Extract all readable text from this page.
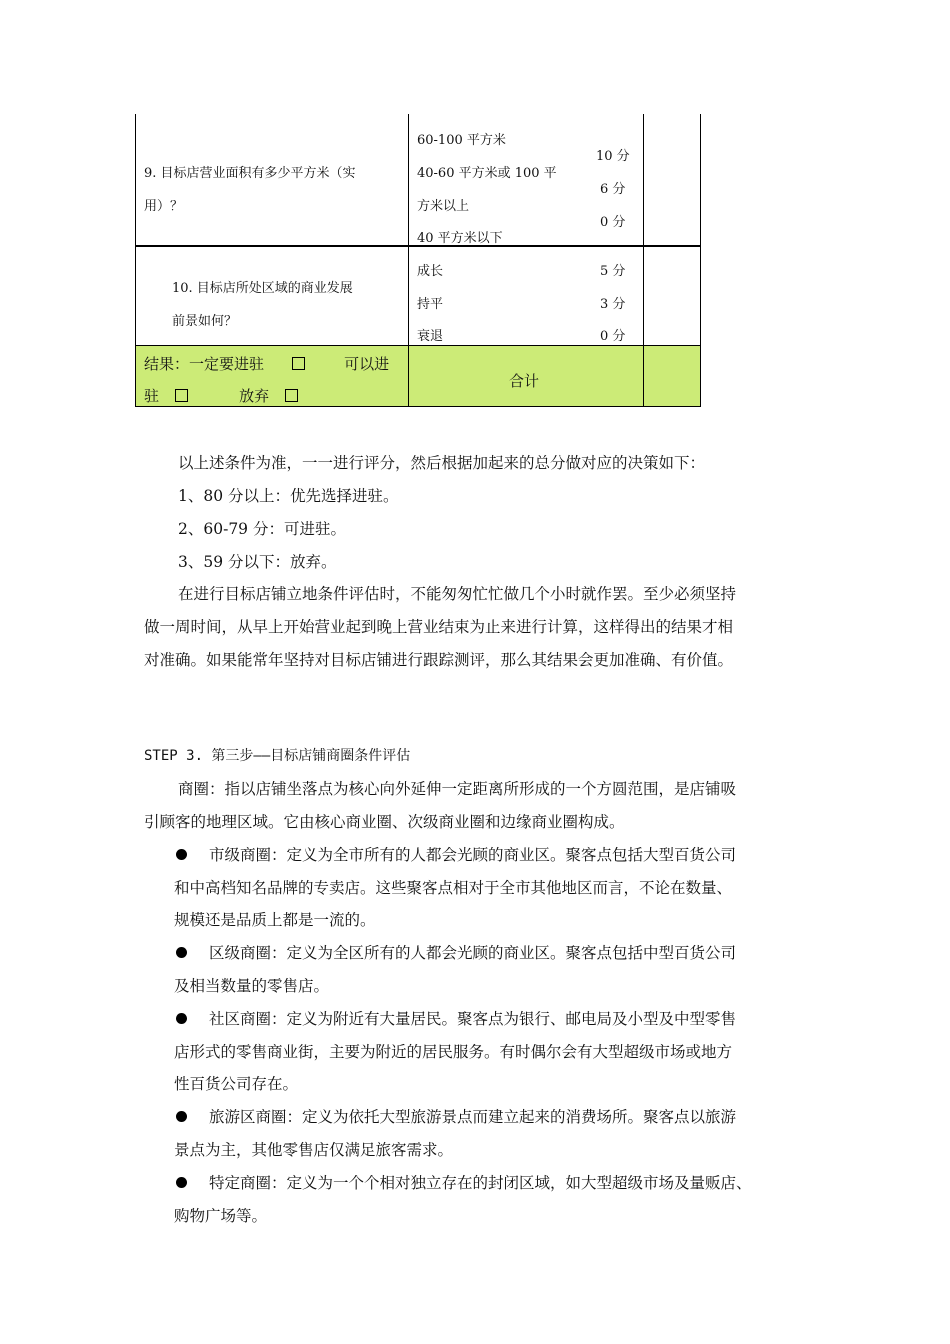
9. 目标店营业面积有多少平方米（实
用）？
60-100 平方米
40-60 平方米或 100 平
方米以上
40 平方米以下
10 分
6 分
0 分
10. 目标店所处区域的商业发展
前景如何？
成长
持平
衰退
5 分
3 分
0 分
结果：一定要进驻	可以进
驻	放弃
合计

以上述条件为准，一一进行评分，然后根据加起来的总分做对应的决策如下：

1、80 分以上：优先选择进驻。

2、60-79 分：可进驻。

3、59 分以下：放弃。

在进行目标店铺立地条件评估时，不能匆匆忙忙做几个小时就作罢。至少必须坚持

做一周时间，从早上开始营业起到晚上营业结束为止来进行计算，这样得出的结果才相

对准确。如果能常年坚持对目标店铺进行跟踪测评，那么其结果会更加准确、有价值。

STEP 3. 第三步——目标店铺商圈条件评估

商圈：指以店铺坐落点为核心向外延伸一定距离所形成的一个方圆范围，是店铺吸

引顾客的地理区域。它由核心商业圈、次级商业圈和边缘商业圈构成。

市级商圈：定义为全市所有的人都会光顾的商业区。聚客点包括大型百货公司

和中高档知名品牌的专卖店。这些聚客点相对于全市其他地区而言，不论在数量、

规模还是品质上都是一流的。

区级商圈：定义为全区所有的人都会光顾的商业区。聚客点包括中型百货公司

及相当数量的零售店。

社区商圈：定义为附近有大量居民。聚客点为银行、邮电局及小型及中型零售

店形式的零售商业街，主要为附近的居民服务。有时偶尔会有大型超级市场或地方

性百货公司存在。

旅游区商圈：定义为依托大型旅游景点而建立起来的消费场所。聚客点以旅游

景点为主，其他零售店仅满足旅客需求。

特定商圈：定义为一个个相对独立存在的封闭区域，如大型超级市场及量贩店、

购物广场等。
